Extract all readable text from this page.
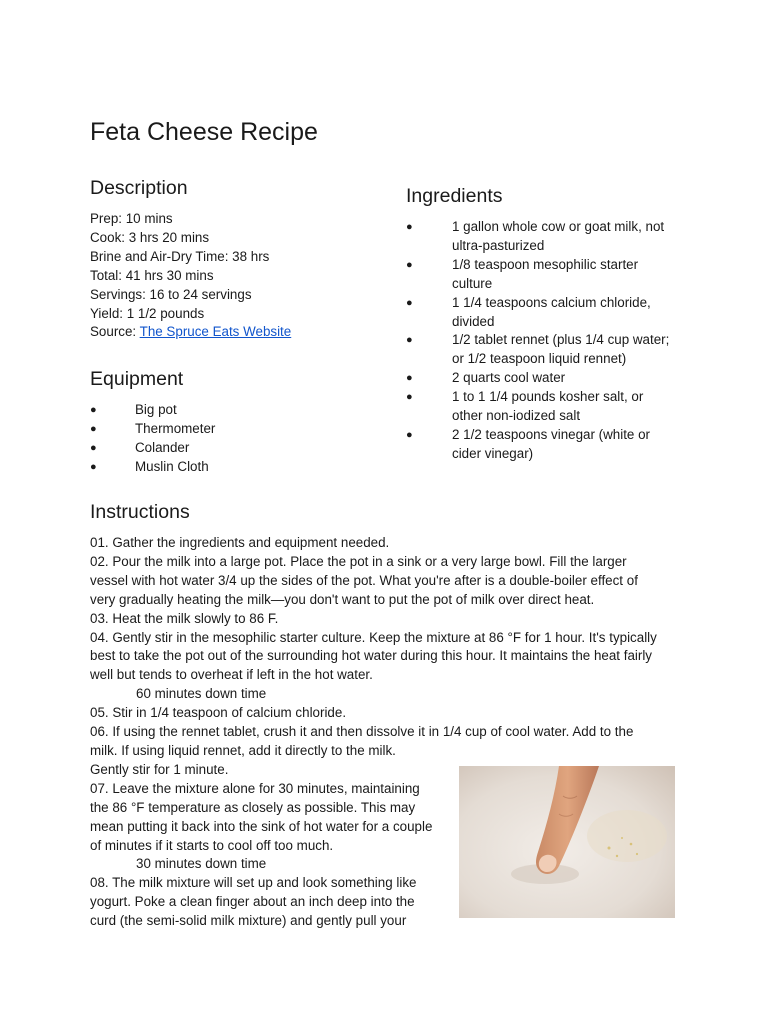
Feta Cheese Recipe
Description
Prep: 10 mins
Cook: 3 hrs 20 mins
Brine and Air-Dry Time: 38 hrs
Total: 41 hrs 30 mins
Servings: 16 to 24 servings
Yield: 1 1/2 pounds
Source: The Spruce Eats Website
Equipment
●	Big pot
●	Thermometer
●	Colander
●	Muslin Cloth
Ingredients
●	1 gallon whole cow or goat milk, not
ultra-pasturized
●	1/8 teaspoon mesophilic starter
culture
●	1 1/4 teaspoons calcium chloride,
divided
●	1/2 tablet rennet (plus 1/4 cup water;
or 1/2 teaspoon liquid rennet)
●	2 quarts cool water
●	1 to 1 1/4 pounds kosher salt, or
other non-iodized salt
●	2 1/2 teaspoons vinegar (white or
cider vinegar)
Instructions
01. Gather the ingredients and equipment needed.
02. Pour the milk into a large pot. Place the pot in a sink or a very large bowl. Fill the larger
vessel with hot water 3/4 up the sides of the pot. What you're after is a double-boiler effect of
very gradually heating the milk—you don't want to put the pot of milk over direct heat.
03. Heat the milk slowly to 86 F.
04. Gently stir in the mesophilic starter culture. Keep the mixture at 86 °F for 1 hour. It's typically
best to take the pot out of the surrounding hot water during this hour. It maintains the heat fairly
well but tends to overheat if left in the hot water.
60 minutes down time
05. Stir in 1/4 teaspoon of calcium chloride.
06. If using the rennet tablet, crush it and then dissolve it in 1/4 cup of cool water. Add to the
milk. If using liquid rennet, add it directly to the milk.
Gently stir for 1 minute.
07. Leave the mixture alone for 30 minutes, maintaining
the 86 °F temperature as closely as possible. This may
mean putting it back into the sink of hot water for a couple
of minutes if it starts to cool off too much.
30 minutes down time
08. The milk mixture will set up and look something like
yogurt. Poke a clean finger about an inch deep into the
curd (the semi-solid milk mixture) and gently pull your
